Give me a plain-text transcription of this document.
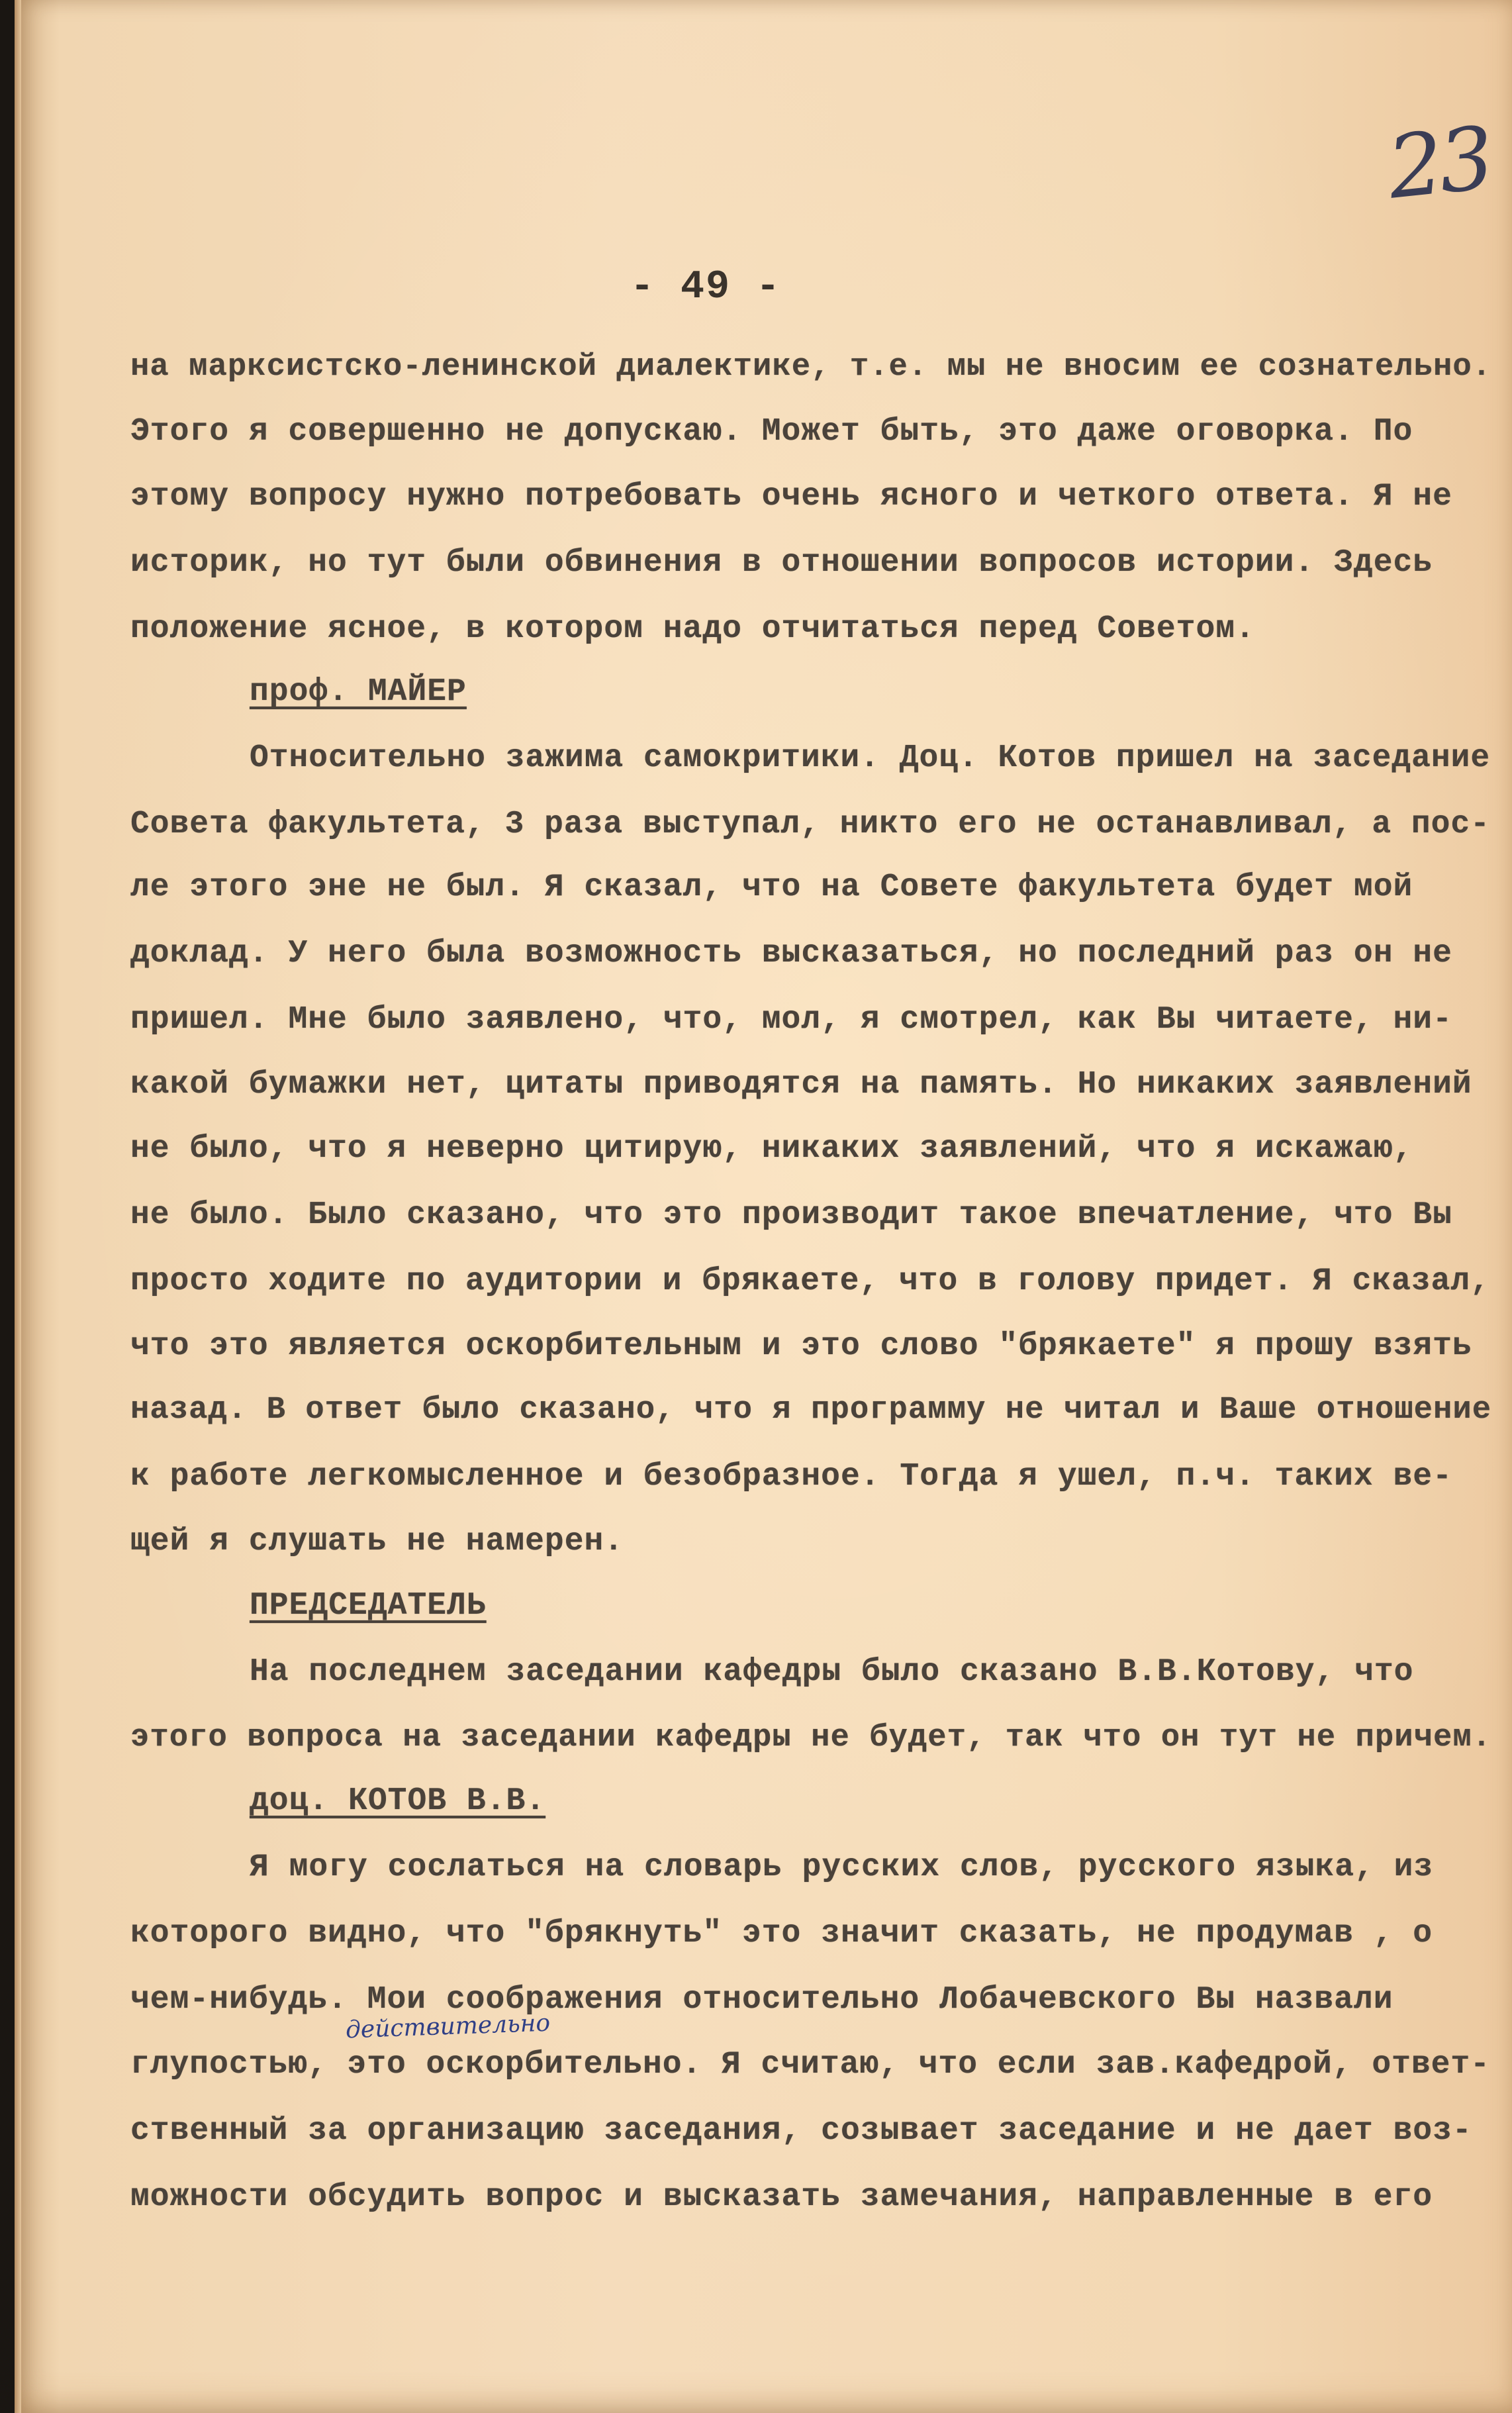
23
- 49 -
на марксистско-ленинской диалектике, т.е. мы не вносим ее сознательно.
Этого я совершенно не допускаю. Может быть, это даже оговорка. По
этому вопросу нужно потребовать очень ясного и четкого ответа. Я не
историк, но тут были обвинения в отношении вопросов истории. Здесь
положение ясное, в котором надо отчитаться перед Советом.
проф. МАЙЕР
Относительно зажима самокритики. Доц. Котов пришел на заседание
Совета факультета, 3 раза выступал, никто его не останавливал, а пос-
ле этого эне не был. Я сказал, что на Совете факультета будет мой
доклад. У него была возможность высказаться, но последний раз он не
пришел. Мне было заявлено, что, мол, я смотрел, как Вы читаете, ни-
какой бумажки нет, цитаты приводятся на память. Но никаких заявлений
не было, что я неверно цитирую, никаких заявлений, что я искажаю,
не было. Было сказано, что это производит такое впечатление, что Вы
просто ходите по аудитории и брякаете, что в голову придет. Я сказал,
что это является оскорбительным и это слово "брякаете" я прошу взять
назад. В ответ было сказано, что я программу не читал и Ваше отношение
к работе легкомысленное и безобразное. Тогда я ушел, п.ч. таких ве-
щей я слушать не намерен.
ПРЕДСЕДАТЕЛЬ
На последнем заседании кафедры было сказано В.В.Котову, что
этого вопроса на заседании кафедры не будет, так что он тут не причем.
доц. КОТОВ В.В.
Я могу сослаться на словарь русских слов, русского языка, из
которого видно, что "брякнуть" это значит сказать, не продумав , о
чем-нибудь. Мои соображения относительно Лобачевского Вы назвали
глупостью, это оскорбительно. Я считаю, что если зав.кафедрой, ответ-
ственный за организацию заседания, созывает заседание и не дает воз-
можности обсудить вопрос и высказать замечания, направленные в его
действительно
